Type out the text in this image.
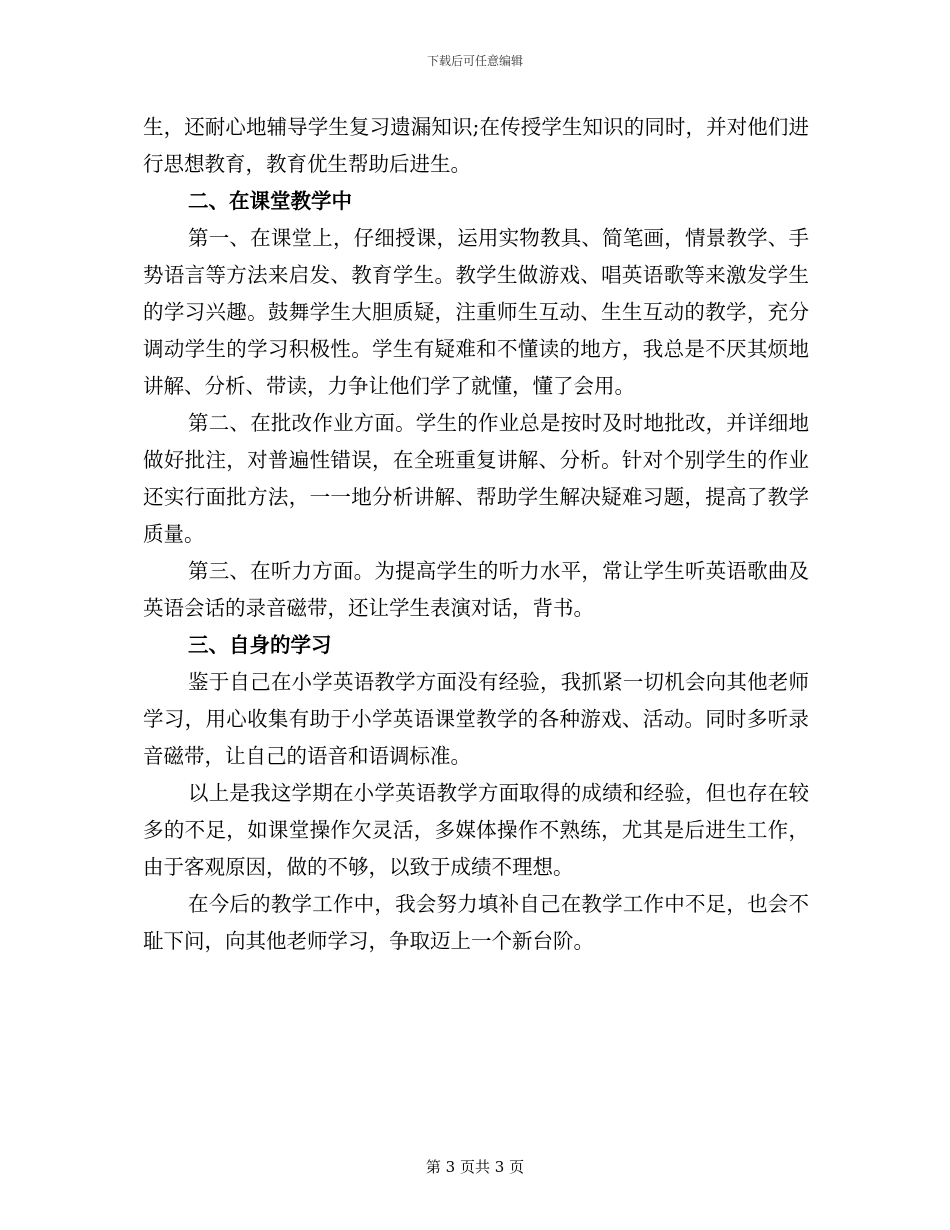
下载后可任意编辑

生，还耐心地辅导学生复习遗漏知识;在传授学生知识的同时，并对他们进行思想教育，教育优生帮助后进生。

二、在课堂教学中

第一、在课堂上，仔细授课，运用实物教具、简笔画，情景教学、手势语言等方法来启发、教育学生。教学生做游戏、唱英语歌等来激发学生的学习兴趣。鼓舞学生大胆质疑，注重师生互动、生生互动的教学，充分调动学生的学习积极性。学生有疑难和不懂读的地方，我总是不厌其烦地讲解、分析、带读，力争让他们学了就懂，懂了会用。

第二、在批改作业方面。学生的作业总是按时及时地批改，并详细地做好批注，对普遍性错误，在全班重复讲解、分析。针对个别学生的作业还实行面批方法，一一地分析讲解、帮助学生解决疑难习题，提高了教学质量。

第三、在听力方面。为提高学生的听力水平，常让学生听英语歌曲及英语会话的录音磁带，还让学生表演对话，背书。

三、自身的学习

鉴于自己在小学英语教学方面没有经验，我抓紧一切机会向其他老师学习，用心收集有助于小学英语课堂教学的各种游戏、活动。同时多听录音磁带，让自己的语音和语调标准。

以上是我这学期在小学英语教学方面取得的成绩和经验，但也存在较多的不足，如课堂操作欠灵活，多媒体操作不熟练，尤其是后进生工作，由于客观原因，做的不够，以致于成绩不理想。

在今后的教学工作中，我会努力填补自己在教学工作中不足，也会不耻下问，向其他老师学习，争取迈上一个新台阶。

第 3 页共 3 页
